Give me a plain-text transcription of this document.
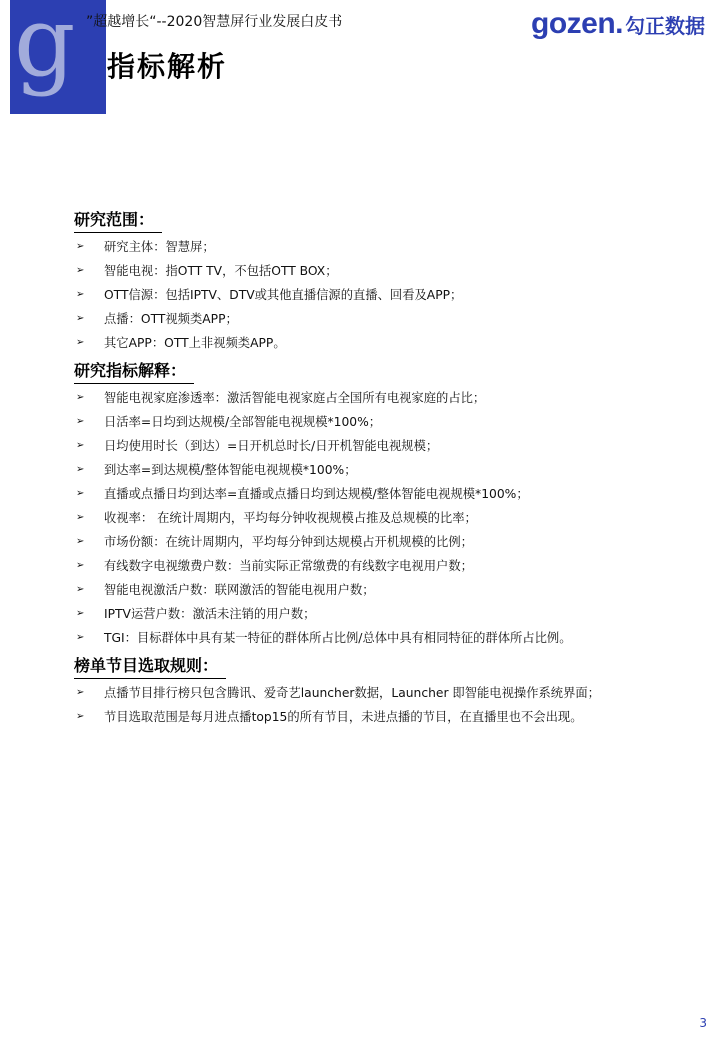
g ”超越增长“--2020智慧屏行业发展白皮书
指标解析
gozen. 勾正数据
研究范围：
➢ 研究主体：智慧屏；
➢ 智能电视：指OTT TV，不包括OTT BOX；
➢ OTT信源：包括IPTV、DTV或其他直播信源的直播、回看及APP；
➢ 点播：OTT视频类APP；
➢ 其它APP：OTT上非视频类APP。
研究指标解释：
➢ 智能电视家庭渗透率：激活智能电视家庭占全国所有电视家庭的占比；
➢ 日活率=日均到达规模/全部智能电视规模*100%；
➢ 日均使用时长（到达）=日开机总时长/日开机智能电视规模；
➢ 到达率=到达规模/整体智能电视规模*100%；
➢ 直播或点播日均到达率=直播或点播日均到达规模/整体智能电视规模*100%；
➢ 收视率： 在统计周期内，平均每分钟收视规模占推及总规模的比率；
➢ 市场份额：在统计周期内，平均每分钟到达规模占开机规模的比例；
➢ 有线数字电视缴费户数：当前实际正常缴费的有线数字电视用户数；
➢ 智能电视激活户数：联网激活的智能电视用户数；
➢ IPTV运营户数：激活未注销的用户数；
➢ TGI：目标群体中具有某一特征的群体所占比例/总体中具有相同特征的群体所占比例。
榜单节目选取规则：
➢ 点播节目排行榜只包含腾讯、爱奇艺launcher数据，Launcher 即智能电视操作系统界面；
➢ 节目选取范围是每月进点播top15的所有节目，未进点播的节目，在直播里也不会出现。
3
